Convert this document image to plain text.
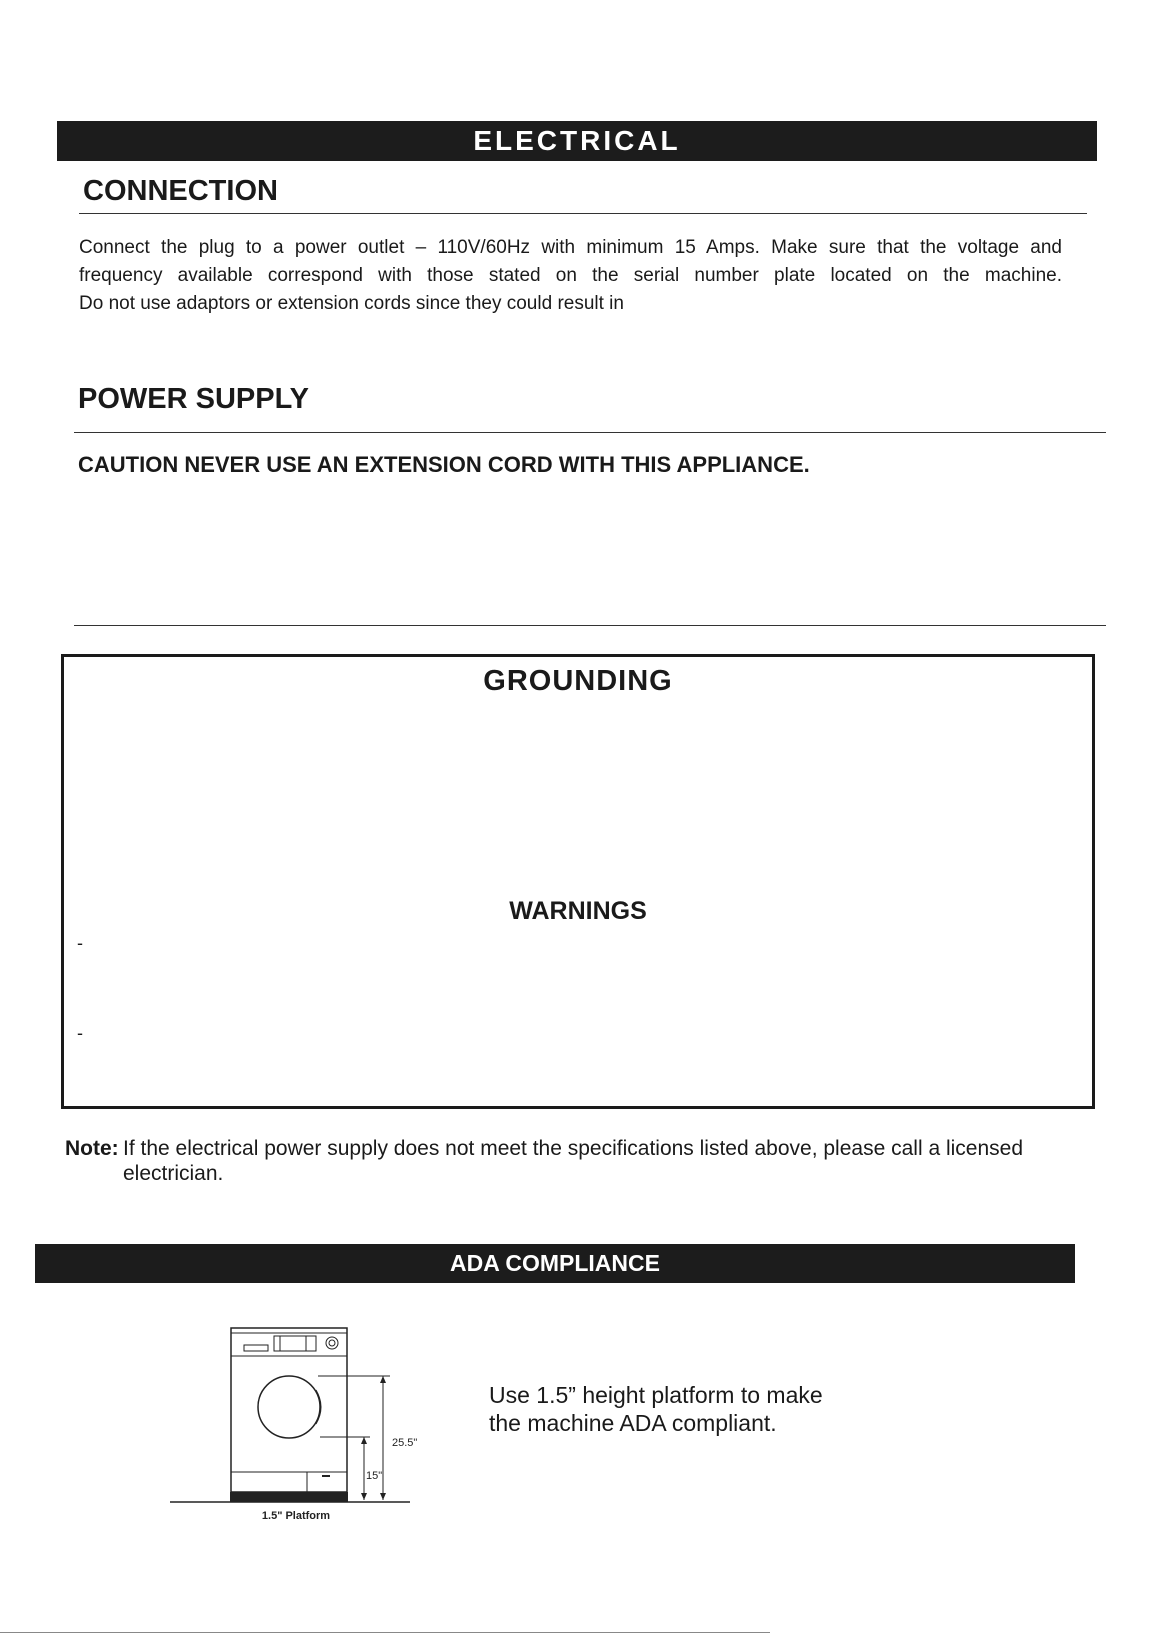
ELECTRICAL
CONNECTION
Connect the plug to a power outlet – 110V/60Hz with minimum 15 Amps. Make sure that the voltage and
frequency available correspond with those stated on the serial number plate located on the machine.
Do not use adaptors or extension cords since they could result in
POWER SUPPLY
CAUTION NEVER USE AN EXTENSION CORD WITH THIS APPLIANCE.
GROUNDING
WARNINGS
-
-
Note: If the electrical power supply does not meet the specifications listed above, please call a licensed
electrician.
ADA COMPLIANCE
25.5"
15"
1.5" Platform
Use 1.5” height platform to make
the machine ADA compliant.
